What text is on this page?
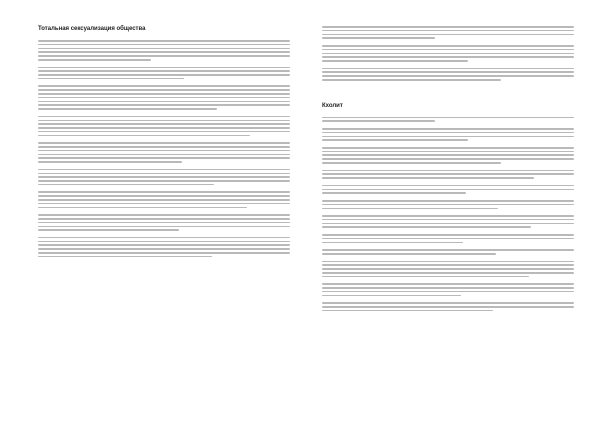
Тотальная сексуализация общества
Кхолит
